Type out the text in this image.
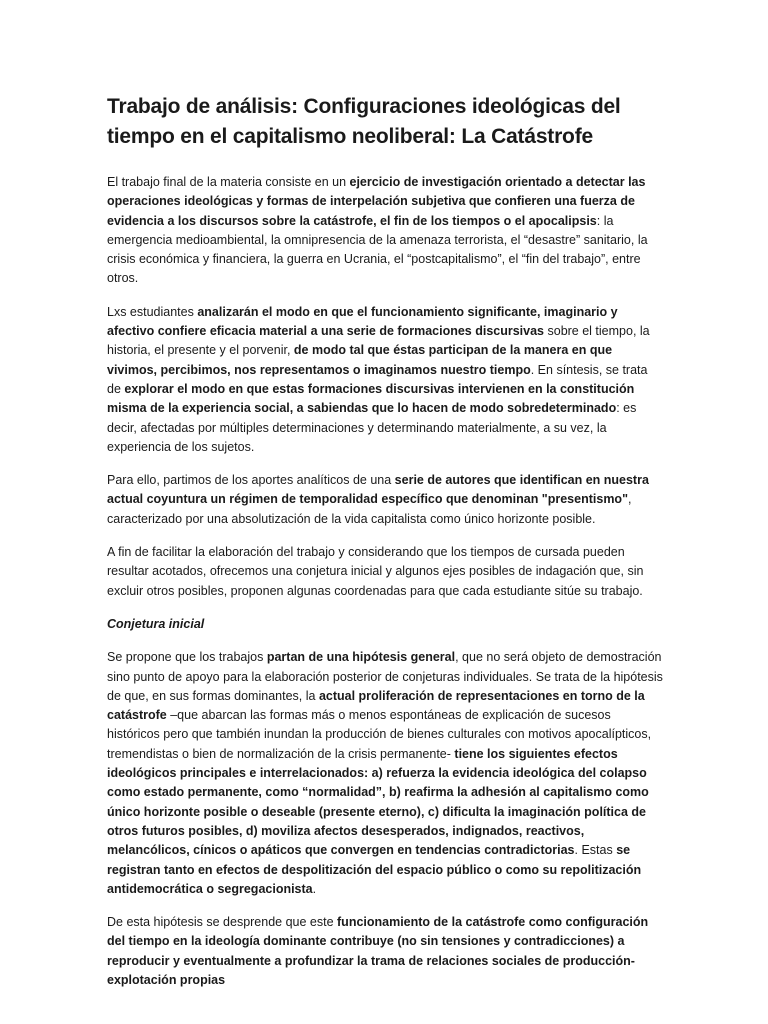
Trabajo de análisis: Configuraciones ideológicas del tiempo en el capitalismo neoliberal: La Catástrofe

El trabajo final de la materia consiste en un ejercicio de investigación orientado a detectar las operaciones ideológicas y formas de interpelación subjetiva que confieren una fuerza de evidencia a los discursos sobre la catástrofe, el fin de los tiempos o el apocalipsis: la emergencia medioambiental, la omnipresencia de la amenaza terrorista, el “desastre” sanitario, la crisis económica y financiera, la guerra en Ucrania, el “postcapitalismo”, el “fin del trabajo”, entre otros.

Lxs estudiantes analizarán el modo en que el funcionamiento significante, imaginario y afectivo confiere eficacia material a una serie de formaciones discursivas sobre el tiempo, la historia, el presente y el porvenir, de modo tal que éstas participan de la manera en que vivimos, percibimos, nos representamos o imaginamos nuestro tiempo. En síntesis, se trata de explorar el modo en que estas formaciones discursivas intervienen en la constitución misma de la experiencia social, a sabiendas que lo hacen de modo sobredeterminado: es decir, afectadas por múltiples determinaciones y determinando materialmente, a su vez, la experiencia de los sujetos.

Para ello, partimos de los aportes analíticos de una serie de autores que identifican en nuestra actual coyuntura un régimen de temporalidad específico que denominan "presentismo", caracterizado por una absolutización de la vida capitalista como único horizonte posible.

A fin de facilitar la elaboración del trabajo y considerando que los tiempos de cursada pueden resultar acotados, ofrecemos una conjetura inicial y algunos ejes posibles de indagación que, sin excluir otros posibles, proponen algunas coordenadas para que cada estudiante sitúe su trabajo.

Conjetura inicial

Se propone que los trabajos partan de una hipótesis general, que no será objeto de demostración sino punto de apoyo para la elaboración posterior de conjeturas individuales. Se trata de la hipótesis de que, en sus formas dominantes, la actual proliferación de representaciones en torno de la catástrofe –que abarcan las formas más o menos espontáneas de explicación de sucesos históricos pero que también inundan la producción de bienes culturales con motivos apocalípticos, tremendistas o bien de normalización de la crisis permanente- tiene los siguientes efectos ideológicos principales e interrelacionados: a) refuerza la evidencia ideológica del colapso como estado permanente, como “normalidad”, b) reafirma la adhesión al capitalismo como único horizonte posible o deseable (presente eterno), c) dificulta la imaginación política de otros futuros posibles, d) moviliza afectos desesperados, indignados, reactivos, melancólicos, cínicos o apáticos que convergen en tendencias contradictorias. Estas se registran tanto en efectos de despolitización del espacio público o como su repolitización antidemocrática o segregacionista.

De esta hipótesis se desprende que este funcionamiento de la catástrofe como configuración del tiempo en la ideología dominante contribuye (no sin tensiones y contradicciones) a reproducir y eventualmente a profundizar la trama de relaciones sociales de producción-explotación propias
